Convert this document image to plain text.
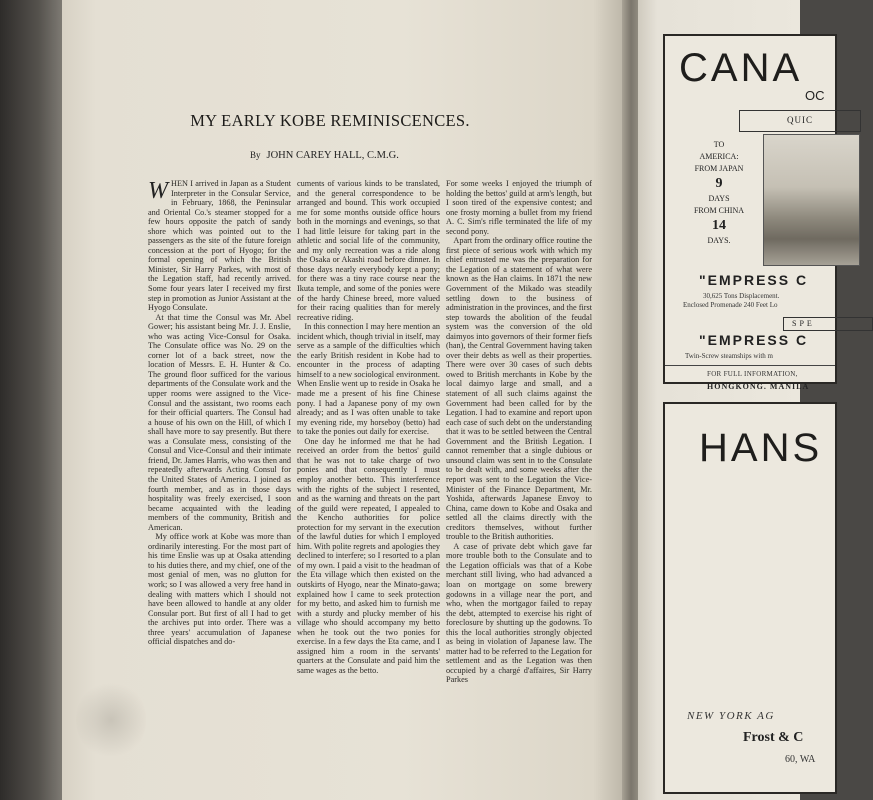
MY EARLY KOBE REMINISCENCES.

By JOHN CAREY HALL, C.M.G.

WHEN I arrived in Japan as a Student Interpreter in the Consular Service, in February, 1868, the Peninsular and Oriental Co.'s steamer stopped for a few hours opposite the patch of sandy shore which was pointed out to the passengers as the site of the future foreign concession at the port of Hyogo; for the formal opening of which the British Minister, Sir Harry Parkes, with most of the Legation staff, had recently arrived. Some four years later I received my first step in promotion as Junior Assistant at the Hyogo Consulate.

At that time the Consul was Mr. Abel Gower; his assistant being Mr. J. J. Enslie, who was acting Vice-Consul for Osaka. The Consulate office was No. 29 on the corner lot of a back street, now the location of Messrs. E. H. Hunter & Co. The ground floor sufficed for the various departments of the Consulate work and the upper rooms were assigned to the Vice-Consul and the assistant, two rooms each for their official quarters. The Consul had a house of his own on the Hill, of which I shall have more to say presently. But there was a Consulate mess, consisting of the Consul and Vice-Consul and their intimate friend, Dr. James Harris, who was then and repeatedly afterwards Acting Consul for the United States of America. I joined as fourth member, and as in those days hospitality was freely exercised, I soon became acquainted with the leading members of the community, British and American.

My office work at Kobe was more than ordinarily interesting. For the most part of his time Enslie was up at Osaka attending to his duties there, and my chief, one of the most genial of men, was no glutton for work; so I was allowed a very free hand in dealing with matters which I should not have been allowed to handle at any older Consular port. But first of all I had to get the archives put into order. There was a three years' accumulation of Japanese official dispatches and do-

cuments of various kinds to be translated, and the general correspondence to be arranged and bound. This work occupied me for some months outside office hours both in the mornings and evenings, so that I had little leisure for taking part in the athletic and social life of the community, and my only recreation was a ride along the Osaka or Akashi road before dinner. In those days nearly everybody kept a pony; for there was a tiny race course near the Ikuta temple, and some of the ponies were of the hardy Chinese breed, more valued for their racing qualities than for merely recreative riding.

In this connection I may here mention an incident which, though trivial in itself, may serve as a sample of the difficulties which the early British resident in Kobe had to encounter in the process of adapting himself to a new sociological environment. When Enslie went up to reside in Osaka he made me a present of his fine Chinese pony. I had a Japanese pony of my own already; and as I was often unable to take my evening ride, my horseboy (betto) had to take the ponies out daily for exercise.

One day he informed me that he had received an order from the bettos' guild that he was not to take charge of two ponies and that consequently I must employ another betto. This interference with the rights of the subject I resented, and as the warning and threats on the part of the guild were repeated, I appealed to the Kencho authorities for police protection for my servant in the execution of the lawful duties for which I employed him. With polite regrets and apologies they declined to interfere; so I resorted to a plan of my own. I paid a visit to the headman of the Eta village which then existed on the outskirts of Hyogo, near the Minato-gawa; explained how I came to seek protection for my betto, and asked him to furnish me with a sturdy and plucky member of his village who should accompany my betto when he took out the two ponies for exercise. In a few days the Eta came, and I assigned him a room in the servants' quarters at the Consulate and paid him the same wages as the betto.

For some weeks I enjoyed the triumph of holding the bettos' guild at arm's length, but I soon tired of the expensive contest; and one frosty morning a bullet from my friend A. C. Sim's rifle terminated the life of my second pony.

Apart from the ordinary office routine the first piece of serious work with which my chief entrusted me was the preparation for the Legation of a statement of what were known as the Han claims. In 1871 the new Government of the Mikado was steadily settling down to the business of administration in the provinces, and the first step towards the abolition of the feudal system was the conversion of the old daimyos into governors of their former fiefs (han), the Central Government having taken over their debts as well as their properties. There were over 30 cases of such debts owed to British merchants in Kobe by the local daimyo large and small, and a statement of all such claims against the Government had been called for by the Legation. I had to examine and report upon each case of such debt on the understanding that it was to be settled between the Central Government and the British Legation. I cannot remember that a single dubious or unsound claim was sent in to the Consulate to be dealt with, and some weeks after the report was sent to the Legation the Vice-Minister of the Finance Department, Mr. Yoshida, afterwards Japanese Envoy to China, came down to Kobe and Osaka and settled all the claims directly with the creditors themselves, without further trouble to the British authorities.

A case of private debt which gave far more trouble both to the Consulate and to the Legation officials was that of a Kobe merchant still living, who had advanced a loan on mortgage on some brewery godowns in a village near the port, and who, when the mortgagor failed to repay the debt, attempted to exercise his right of foreclosure by shutting up the godowns. To this the local authorities strongly objected as being in violation of Japanese law. The matter had to be referred to the Legation for settlement and as the Legation was then occupied by a chargé d'affaires, Sir Harry Parkes

CANA
OC
QUIC
TO
AMERICA:
FROM JAPAN
9
DAYS
FROM CHINA
14
DAYS.
"EMPRESS C
30,625 Tons Displacement.
Enclosed Promenade 240 Feet Lo
SPE
"EMPRESS C
Twin-Screw steamships with m
FOR FULL INFORMATION,
HONGKONG. MANILA
HANS
NEW YORK AG
Frost & C
60, WA
